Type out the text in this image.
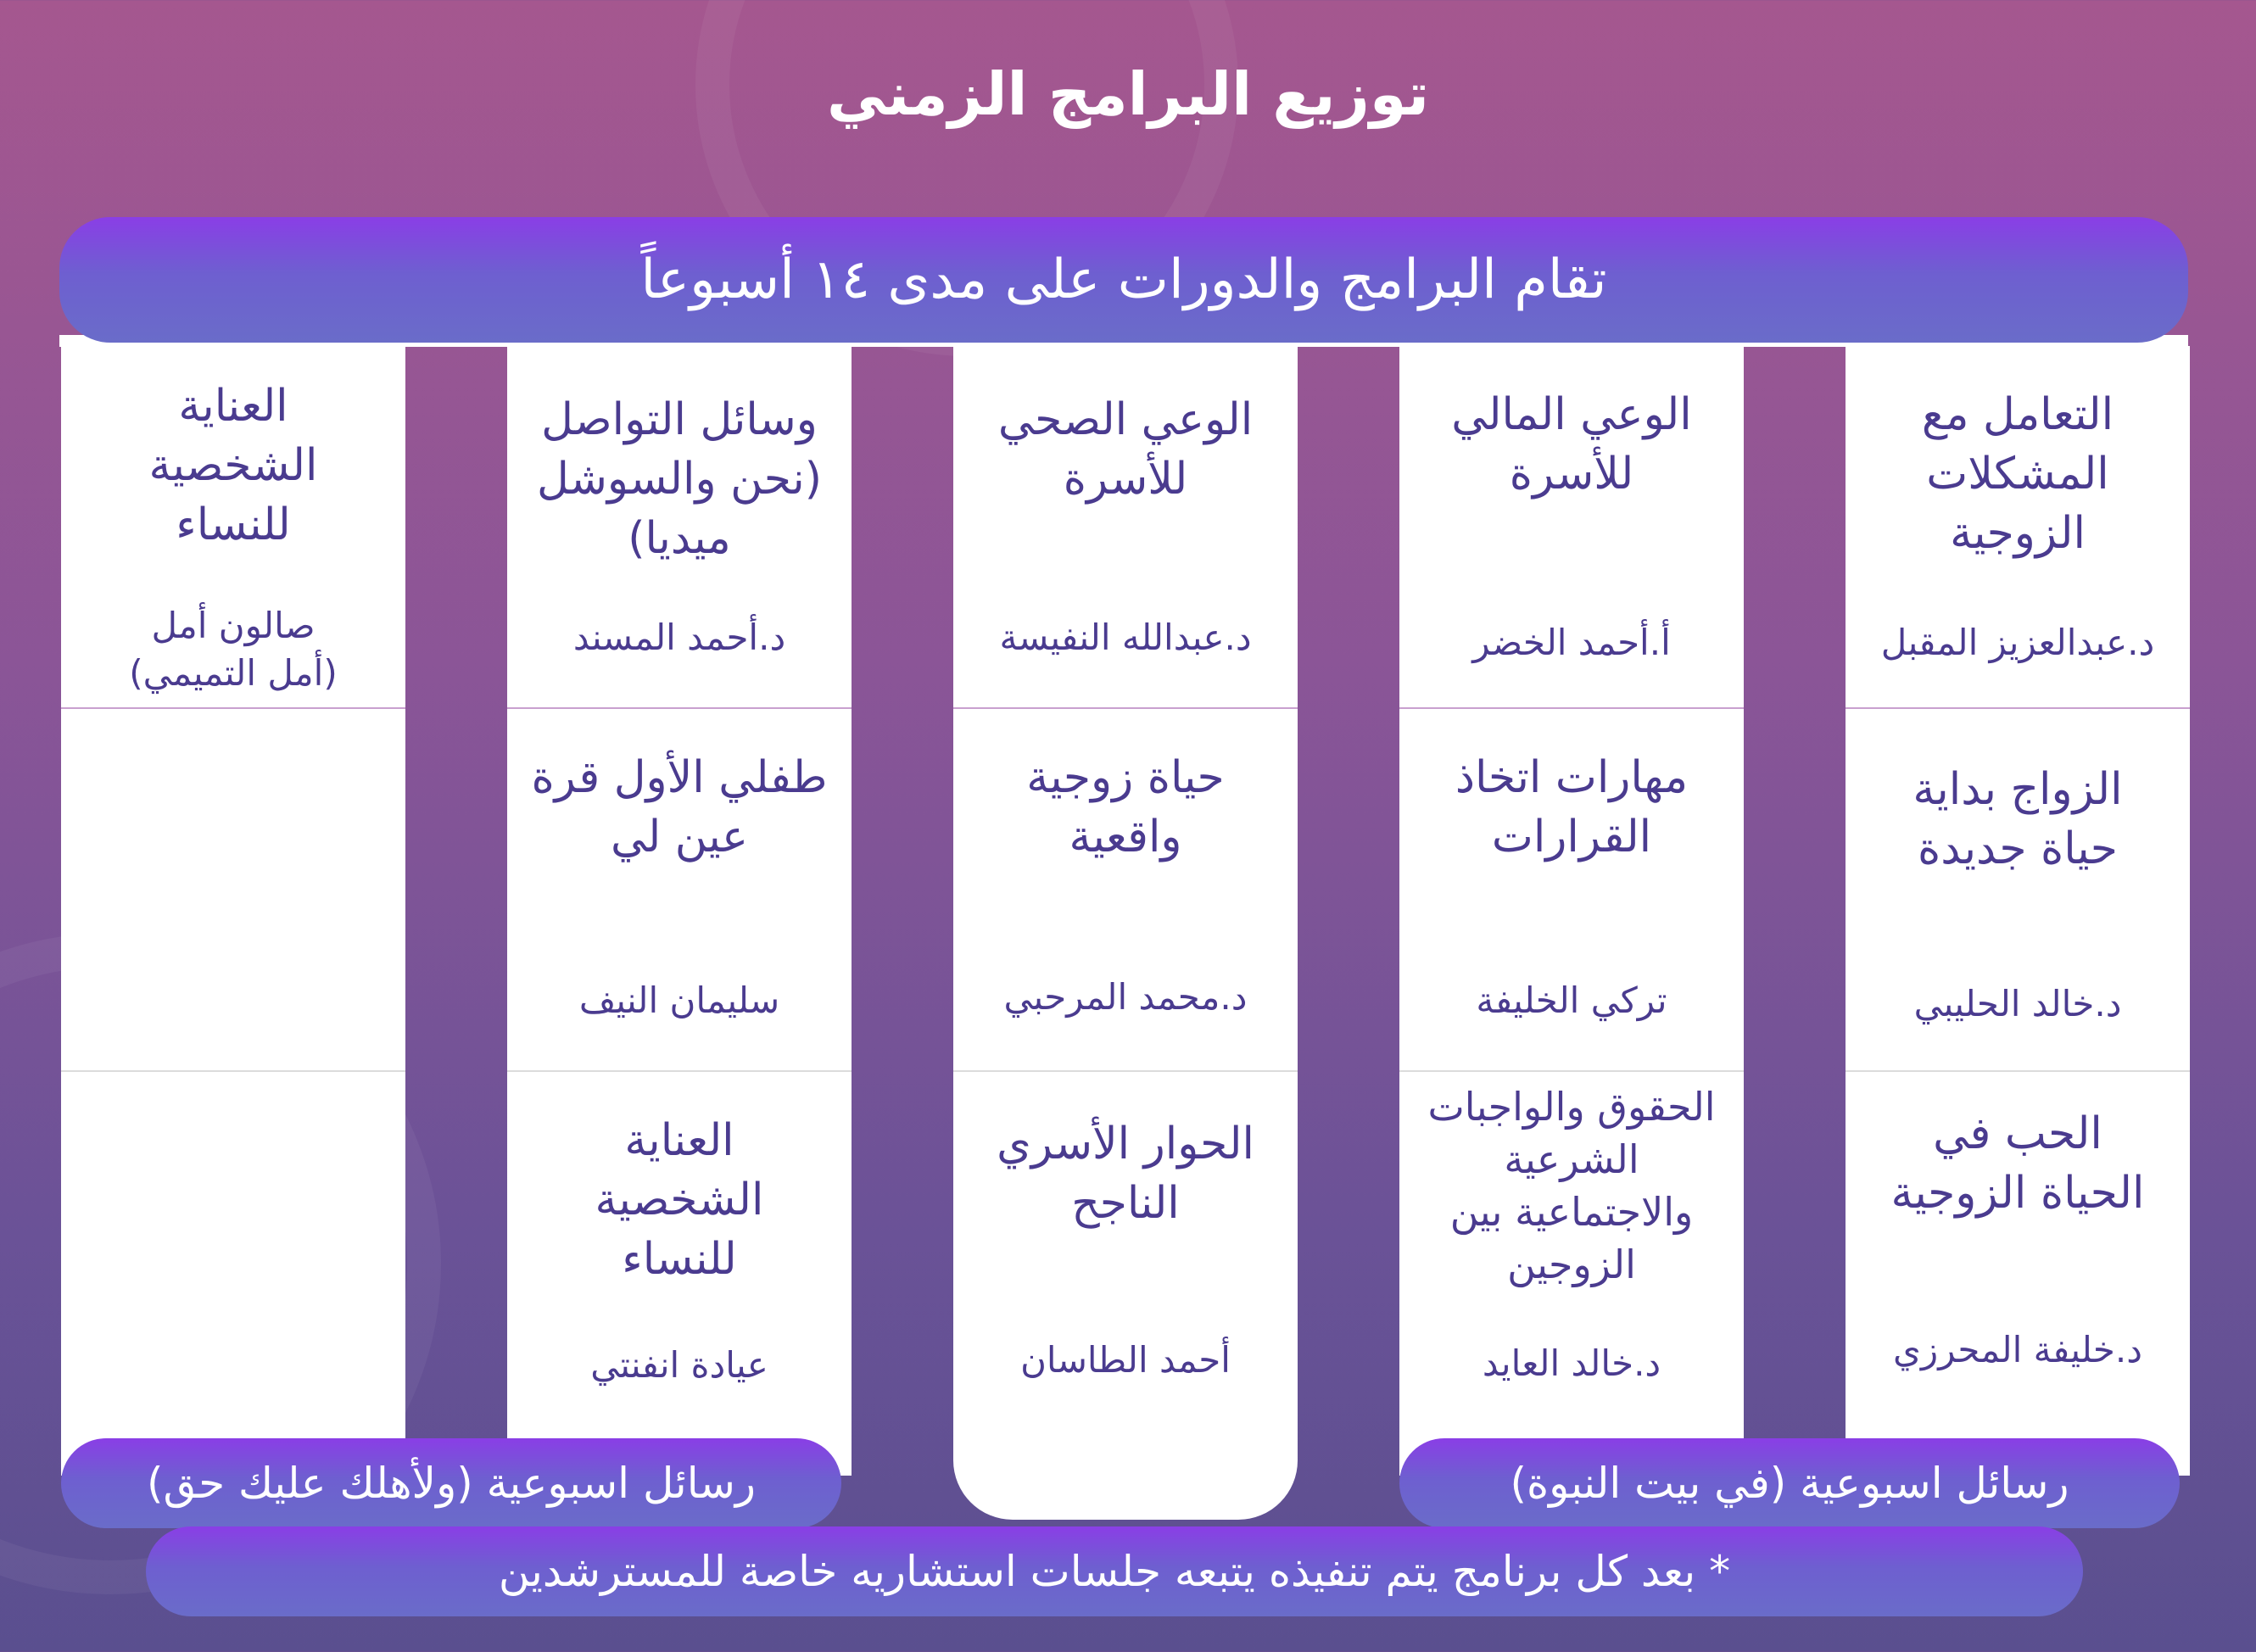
توزيع البرامج الزمني
تقام البرامج والدورات على مدى ١٤ أسبوعاً

التعامل مع
المشكلات
الزوجية

د.عبدالعزيز المقبل

الزواج بداية
حياة جديدة

د.خالد الحليبي

الحب في
الحياة الزوجية

د.خليفة المحرزي

الوعي المالي
للأسرة

أ.أحمد الخضر

مهارات اتخاذ
القرارات

تركي الخليفة

الحقوق والواجبات
الشرعية
والاجتماعية بين
الزوجين

د.خالد العايد

الوعي الصحي
للأسرة

د.عبدالله النفيسة

حياة زوجية
واقعية

د.محمد المرحبي

الحوار الأسري
الناجح

أحمد الطاسان

وسائل التواصل
(نحن والسوشل
ميديا)

د.أحمد المسند

طفلي الأول قرة
عين لي

سليمان النيف

العناية
الشخصية
للنساء

عيادة انفنتي

العناية
الشخصية
للنساء

صالون أمل
(أمل التميمي)

رسائل اسبوعية (في بيت النبوة)
رسائل اسبوعية (ولأهلك عليك حق)
* بعد كل برنامج يتم تنفيذه يتبعه جلسات استشاريه خاصة للمسترشدين
